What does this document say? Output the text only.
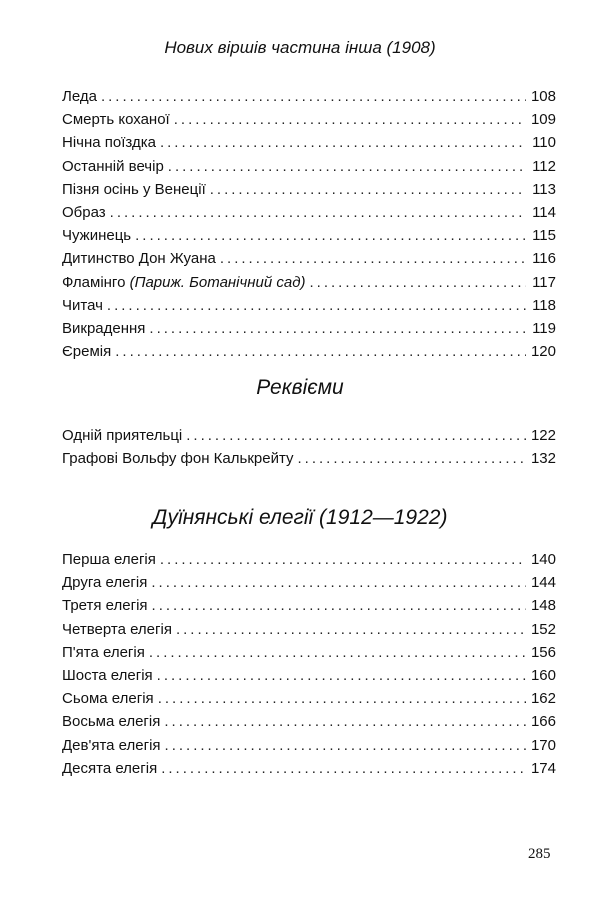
Нових віршів частина інша (1908)
Леда .....	108
Смерть коханої .....	109
Нічна поїздка .....	110
Останній вечір .....	112
Пізня осінь у Венеції .....	113
Образ .....	114
Чужинець .....	115
Дитинство Дон Жуана .....	116
Фламінго (Париж. Ботанічний сад) .....	117
Читач .....	118
Викрадення .....	119
Єремія .....	120
Реквієми
Одній приятельці .....	122
Графові Вольфу фон Калькрейту .....	132
Дуїнянські елегії (1912—1922)
Перша елегія .....	140
Друга елегія .....	144
Третя елегія .....	148
Четверта елегія .....	152
П'ята елегія .....	156
Шоста елегія .....	160
Сьома елегія .....	162
Восьма елегія .....	166
Дев'ята елегія .....	170
Десята елегія .....	174
285
